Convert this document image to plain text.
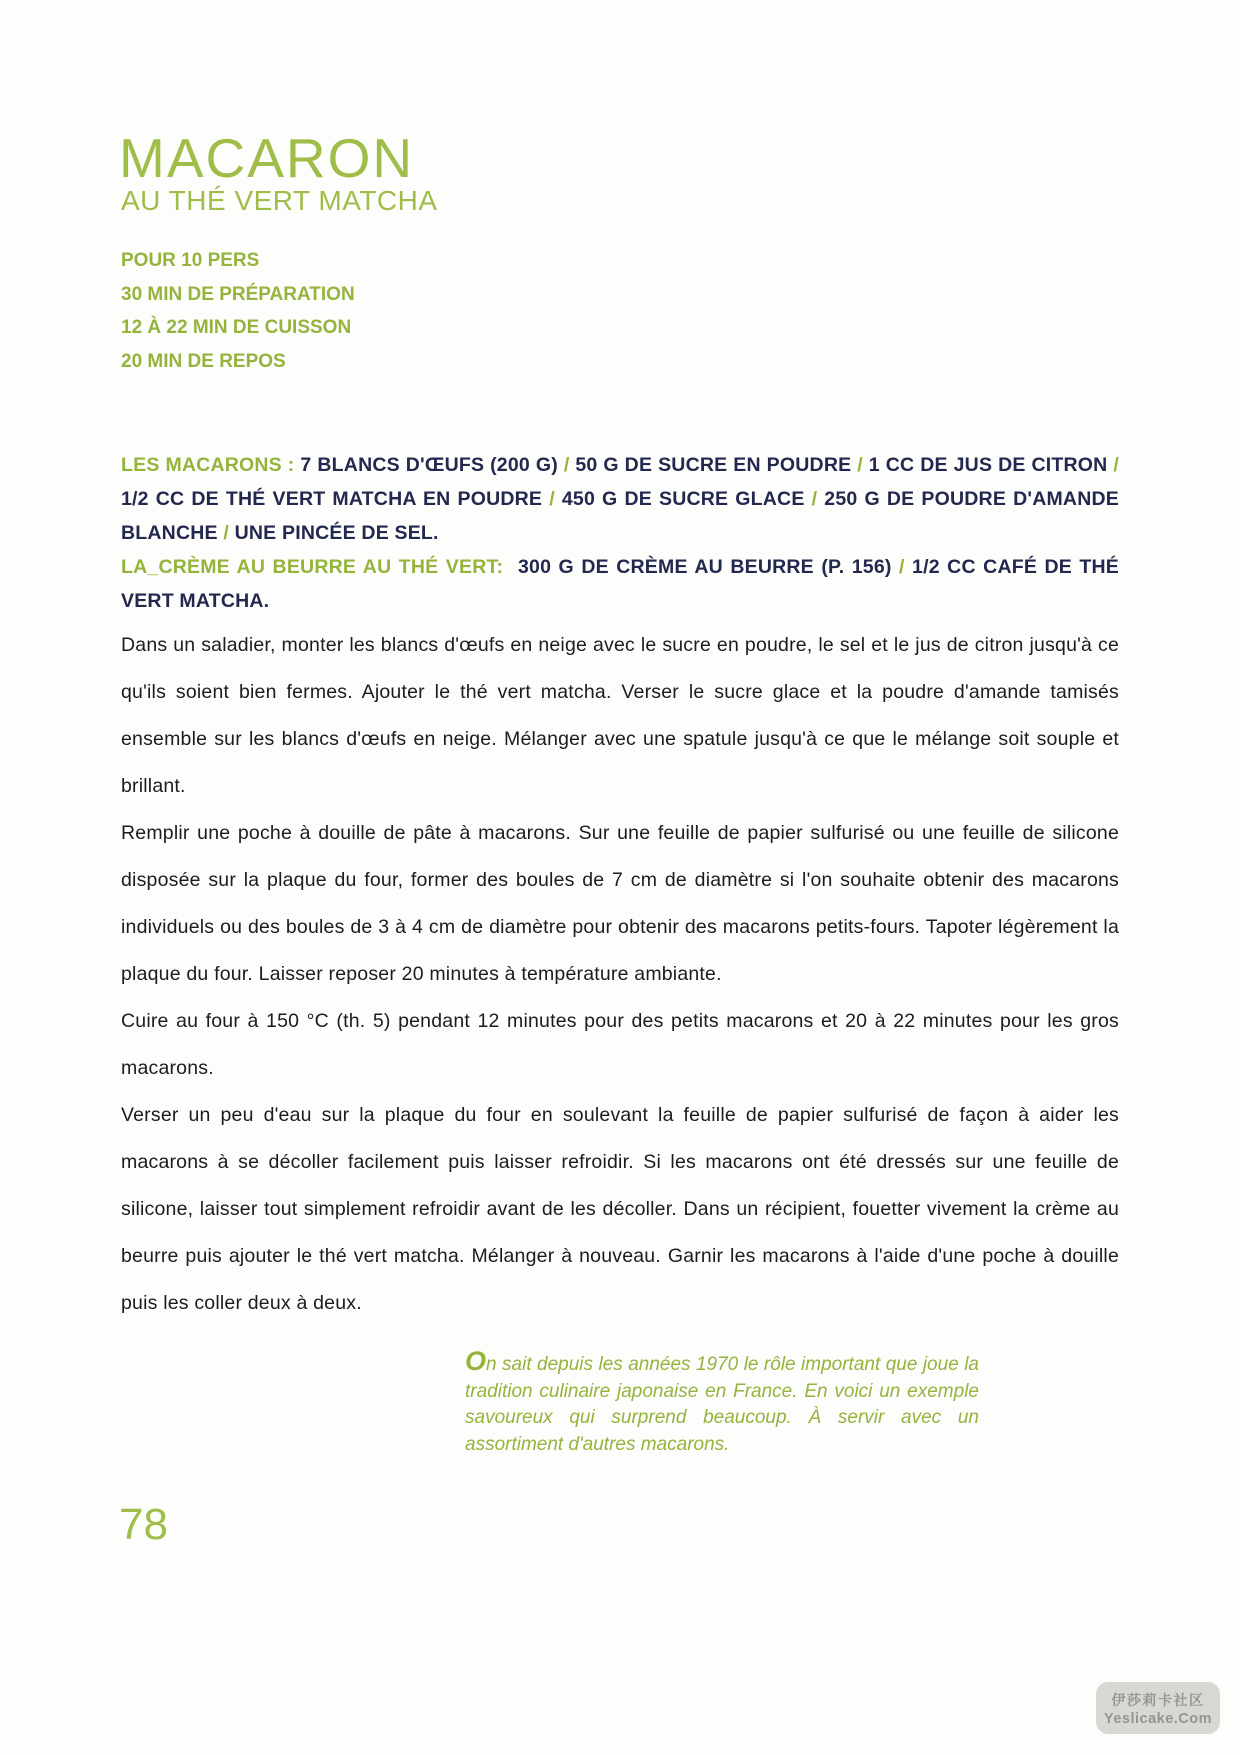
MACARON
AU THÉ VERT MATCHA
POUR 10 PERS
30 MIN DE PRÉPARATION
12 À 22 MIN DE CUISSON
20 MIN DE REPOS

LES MACARONS : 7 BLANCS D'ŒUFS (200 G) / 50 G DE SUCRE EN POUDRE / 1 CC DE JUS DE CITRON / 1/2 CC DE THÉ VERT MATCHA EN POUDRE / 450 G DE SUCRE GLACE / 250 G DE POUDRE D'AMANDE BLANCHE / UNE PINCÉE DE SEL.

LA_CRÈME AU BEURRE AU THÉ VERT:  300 G DE CRÈME AU BEURRE (P. 156) / 1/2 CC CAFÉ DE THÉ VERT MATCHA.

Dans un saladier, monter les blancs d'œufs en neige avec le sucre en poudre, le sel et le jus de citron jusqu'à ce qu'ils soient bien fermes. Ajouter le thé vert matcha. Verser le sucre glace et la poudre d'amande tamisés ensemble sur les blancs d'œufs en neige. Mélanger avec une spatule jusqu'à ce que le mélange soit souple et brillant.

Remplir une poche à douille de pâte à macarons. Sur une feuille de papier sulfurisé ou une feuille de silicone disposée sur la plaque du four, former des boules de 7 cm de diamètre si l'on souhaite obtenir des macarons individuels ou des boules de 3 à 4 cm de diamètre pour obtenir des macarons petits-fours. Tapoter légèrement la plaque du four. Laisser reposer 20 minutes à température ambiante.

Cuire au four à 150 °C (th. 5) pendant 12 minutes pour des petits macarons et 20 à 22 minutes pour les gros macarons.

Verser un peu d'eau sur la plaque du four en soulevant la feuille de papier sulfurisé de façon à aider les macarons à se décoller facilement puis laisser refroidir. Si les macarons ont été dressés sur une feuille de silicone, laisser tout simplement refroidir avant de les décoller. Dans un récipient, fouetter vivement la crème au beurre puis ajouter le thé vert matcha. Mélanger à nouveau. Garnir les macarons à l'aide d'une poche à douille puis les coller deux à deux.

On sait depuis les années 1970 le rôle important que joue la tradition culinaire japonaise en France. En voici un exemple savoureux qui surprend beaucoup. À servir avec un assortiment d'autres macarons.
78
伊莎莉卡社区
Yeslicake.Com
